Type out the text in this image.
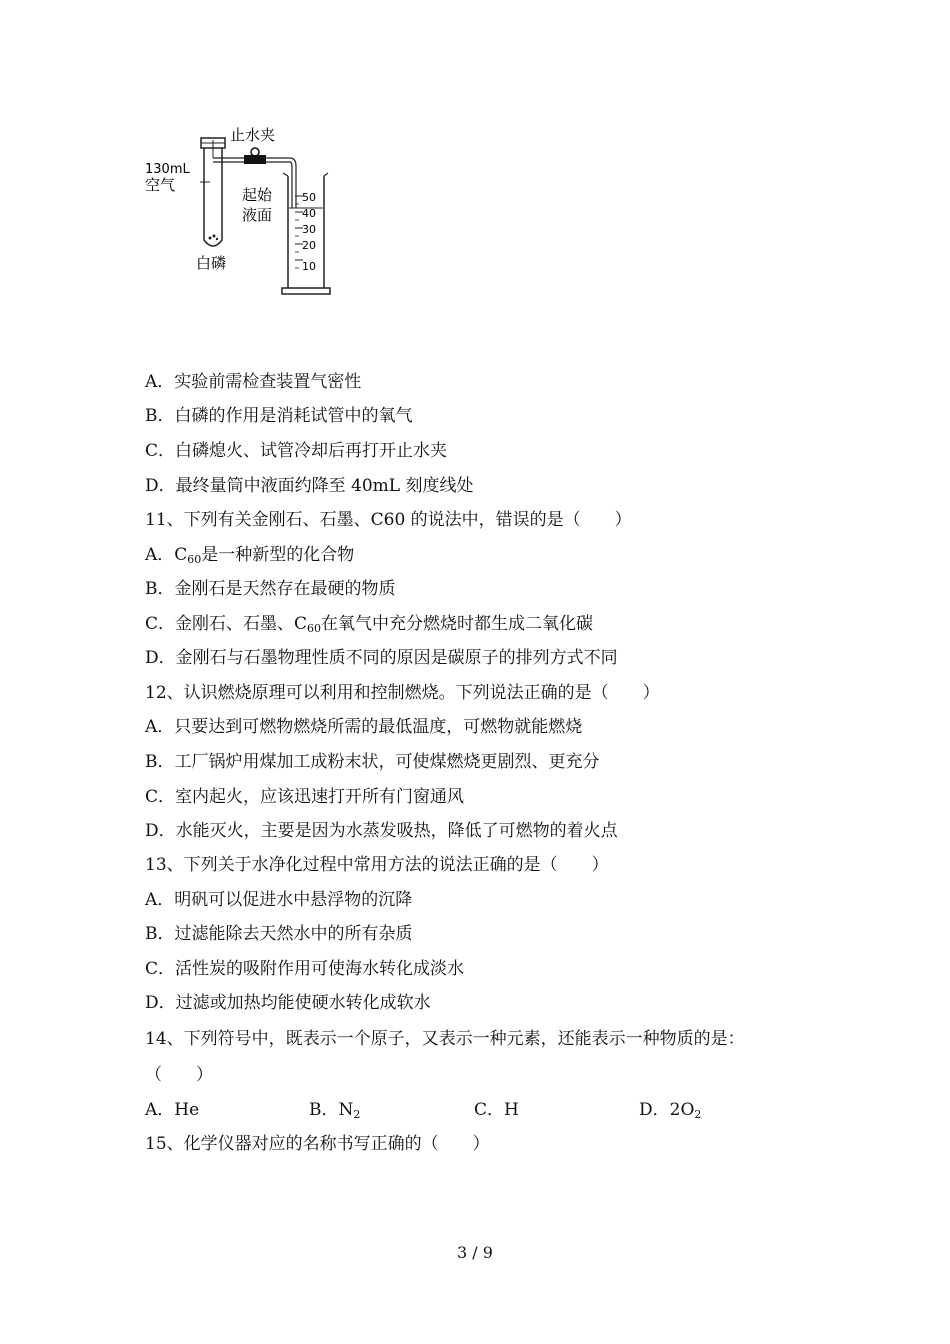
止水夹
130mL
空气
起始
液面
白磷
50
40
30
20
10
A．实验前需检查装置气密性
B．白磷的作用是消耗试管中的氧气
C．白磷熄火、试管冷却后再打开止水夹
D．最终量筒中液面约降至 40mL 刻度线处
11、下列有关金刚石、石墨、C60 的说法中，错误的是（　　）
A．$C_{60}$是一种新型的化合物
B．金刚石是天然存在最硬的物质
C．金刚石、石墨、$C_{60}$在氧气中充分燃烧时都生成二氧化碳
D．金刚石与石墨物理性质不同的原因是碳原子的排列方式不同
12、认识燃烧原理可以利用和控制燃烧。下列说法正确的是（　　）
A．只要达到可燃物燃烧所需的最低温度，可燃物就能燃烧
B．工厂锅炉用煤加工成粉末状，可使煤燃烧更剧烈、更充分
C．室内起火，应该迅速打开所有门窗通风
D．水能灭火，主要是因为水蒸发吸热，降低了可燃物的着火点
13、下列关于水净化过程中常用方法的说法正确的是（　　）
A．明矾可以促进水中悬浮物的沉降
B．过滤能除去天然水中的所有杂质
C．活性炭的吸附作用可使海水转化成淡水
D．过滤或加热均能使硬水转化成软水
14、下列符号中，既表示一个原子，又表示一种元素，还能表示一种物质的是：
（　　）
A．He	B．$N_2$	C．H	D．$2O_2$
15、化学仪器对应的名称书写正确的（　　）
3 / 9
